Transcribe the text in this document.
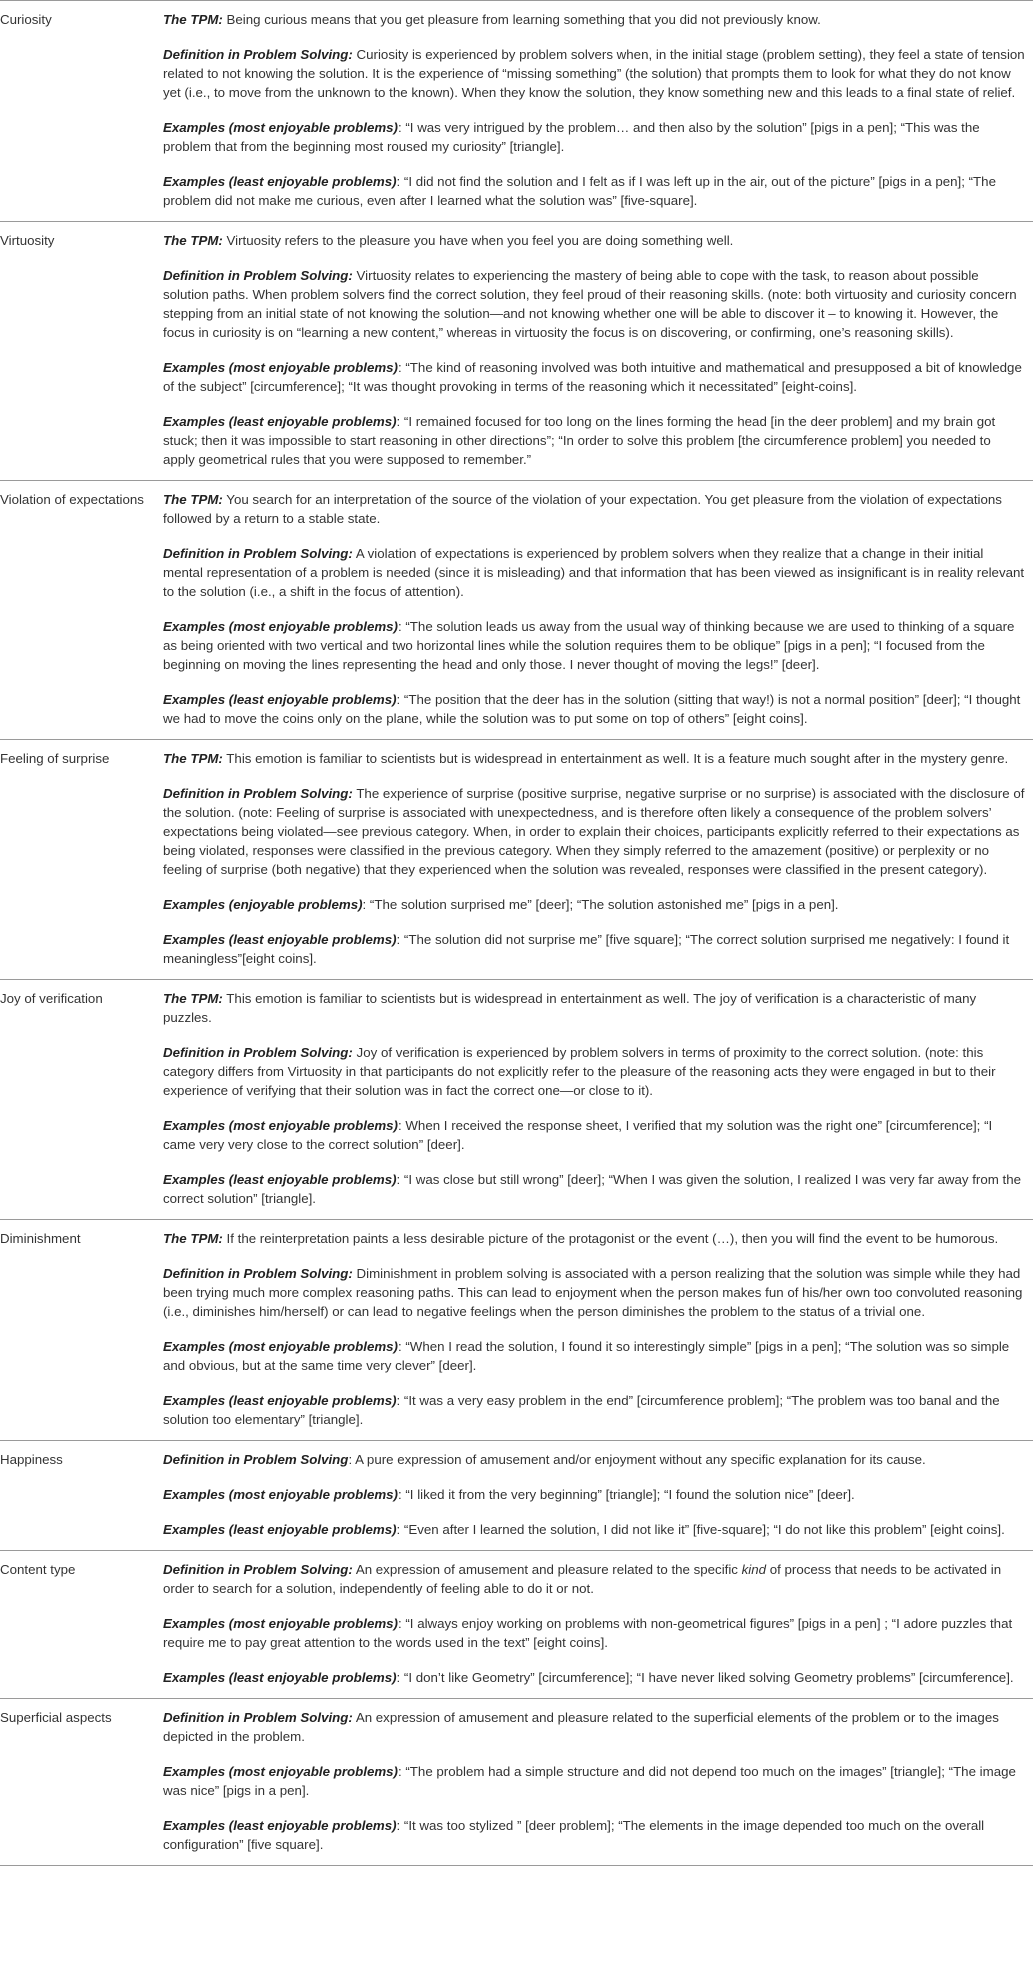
Curiosity	The TPM: Being curious means that you get pleasure from learning something that you did not previously know.

Definition in Problem Solving: Curiosity is experienced by problem solvers when, in the initial stage (problem setting), they feel a state of tension related to not knowing the solution. It is the experience of “missing something” (the solution) that prompts them to look for what they do not know yet (i.e., to move from the unknown to the known). When they know the solution, they know something new and this leads to a final state of relief.

Examples (most enjoyable problems): “I was very intrigued by the problem… and then also by the solution” [pigs in a pen]; “This was the problem that from the beginning most roused my curiosity” [triangle].

Examples (least enjoyable problems): “I did not find the solution and I felt as if I was left up in the air, out of the picture” [pigs in a pen]; “The problem did not make me curious, even after I learned what the solution was” [five-square].

Virtuosity	The TPM: Virtuosity refers to the pleasure you have when you feel you are doing something well.

Definition in Problem Solving: Virtuosity relates to experiencing the mastery of being able to cope with the task, to reason about possible solution paths. When problem solvers find the correct solution, they feel proud of their reasoning skills. (note: both virtuosity and curiosity concern stepping from an initial state of not knowing the solution—and not knowing whether one will be able to discover it – to knowing it. However, the focus in curiosity is on “learning a new content,” whereas in virtuosity the focus is on discovering, or confirming, one’s reasoning skills).

Examples (most enjoyable problems): “The kind of reasoning involved was both intuitive and mathematical and presupposed a bit of knowledge of the subject” [circumference]; “It was thought provoking in terms of the reasoning which it necessitated” [eight-coins].

Examples (least enjoyable problems): “I remained focused for too long on the lines forming the head [in the deer problem] and my brain got stuck; then it was impossible to start reasoning in other directions”; “In order to solve this problem [the circumference problem] you needed to apply geometrical rules that you were supposed to remember.”

Violation of expectations	The TPM: You search for an interpretation of the source of the violation of your expectation. You get pleasure from the violation of expectations followed by a return to a stable state.

Definition in Problem Solving: A violation of expectations is experienced by problem solvers when they realize that a change in their initial mental representation of a problem is needed (since it is misleading) and that information that has been viewed as insignificant is in reality relevant to the solution (i.e., a shift in the focus of attention).

Examples (most enjoyable problems): “The solution leads us away from the usual way of thinking because we are used to thinking of a square as being oriented with two vertical and two horizontal lines while the solution requires them to be oblique” [pigs in a pen]; “I focused from the beginning on moving the lines representing the head and only those. I never thought of moving the legs!” [deer].

Examples (least enjoyable problems): “The position that the deer has in the solution (sitting that way!) is not a normal position” [deer]; “I thought we had to move the coins only on the plane, while the solution was to put some on top of others” [eight coins].

Feeling of surprise	The TPM: This emotion is familiar to scientists but is widespread in entertainment as well. It is a feature much sought after in the mystery genre.

Definition in Problem Solving: The experience of surprise (positive surprise, negative surprise or no surprise) is associated with the disclosure of the solution. (note: Feeling of surprise is associated with unexpectedness, and is therefore often likely a consequence of the problem solvers’ expectations being violated—see previous category. When, in order to explain their choices, participants explicitly referred to their expectations as being violated, responses were classified in the previous category. When they simply referred to the amazement (positive) or perplexity or no feeling of surprise (both negative) that they experienced when the solution was revealed, responses were classified in the present category).

Examples (enjoyable problems): “The solution surprised me” [deer]; “The solution astonished me” [pigs in a pen].

Examples (least enjoyable problems): “The solution did not surprise me” [five square]; “The correct solution surprised me negatively: I found it meaningless”[eight coins].

Joy of verification	The TPM: This emotion is familiar to scientists but is widespread in entertainment as well. The joy of verification is a characteristic of many puzzles.

Definition in Problem Solving: Joy of verification is experienced by problem solvers in terms of proximity to the correct solution. (note: this category differs from Virtuosity in that participants do not explicitly refer to the pleasure of the reasoning acts they were engaged in but to their experience of verifying that their solution was in fact the correct one—or close to it).

Examples (most enjoyable problems): When I received the response sheet, I verified that my solution was the right one” [circumference]; “I came very very close to the correct solution” [deer].

Examples (least enjoyable problems): “I was close but still wrong” [deer]; “When I was given the solution, I realized I was very far away from the correct solution” [triangle].

Diminishment	The TPM: If the reinterpretation paints a less desirable picture of the protagonist or the event (…), then you will find the event to be humorous.

Definition in Problem Solving: Diminishment in problem solving is associated with a person realizing that the solution was simple while they had been trying much more complex reasoning paths. This can lead to enjoyment when the person makes fun of his/her own too convoluted reasoning (i.e., diminishes him/herself) or can lead to negative feelings when the person diminishes the problem to the status of a trivial one.

Examples (most enjoyable problems): “When I read the solution, I found it so interestingly simple” [pigs in a pen]; “The solution was so simple and obvious, but at the same time very clever” [deer].

Examples (least enjoyable problems): “It was a very easy problem in the end” [circumference problem]; “The problem was too banal and the solution too elementary” [triangle].

Happiness	Definition in Problem Solving: A pure expression of amusement and/or enjoyment without any specific explanation for its cause.

Examples (most enjoyable problems): “I liked it from the very beginning” [triangle]; “I found the solution nice” [deer].

Examples (least enjoyable problems): “Even after I learned the solution, I did not like it” [five-square]; “I do not like this problem” [eight coins].

Content type	Definition in Problem Solving: An expression of amusement and pleasure related to the specific kind of process that needs to be activated in order to search for a solution, independently of feeling able to do it or not.

Examples (most enjoyable problems): “I always enjoy working on problems with non-geometrical figures” [pigs in a pen] ; “I adore puzzles that require me to pay great attention to the words used in the text” [eight coins].

Examples (least enjoyable problems): “I don’t like Geometry” [circumference]; “I have never liked solving Geometry problems” [circumference].

Superficial aspects	Definition in Problem Solving: An expression of amusement and pleasure related to the superficial elements of the problem or to the images depicted in the problem.

Examples (most enjoyable problems): “The problem had a simple structure and did not depend too much on the images” [triangle]; “The image was nice” [pigs in a pen].

Examples (least enjoyable problems): “It was too stylized ” [deer problem]; “The elements in the image depended too much on the overall configuration” [five square].
